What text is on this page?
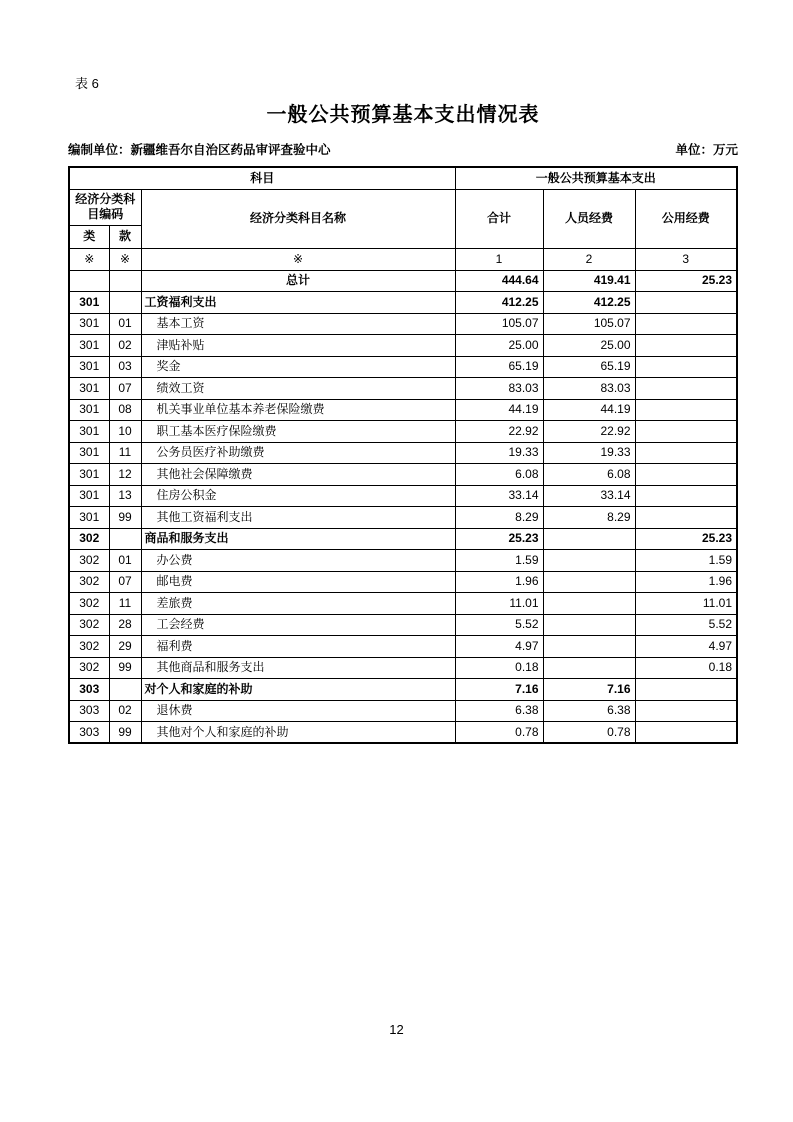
表 6
一般公共预算基本支出情况表
编制单位：新疆维吾尔自治区药品审评查验中心	单位：万元
科目			一般公共预算基本支出		
经济分类科目编码		经济分类科目名称	合计	人员经费	公用经费
类	款				
※	※	※	1	2	3
		总计	444.64	419.41	25.23
301		工资福利支出	412.25	412.25	
301	01	基本工资	105.07	105.07	
301	02	津贴补贴	25.00	25.00	
301	03	奖金	65.19	65.19	
301	07	绩效工资	83.03	83.03	
301	08	机关事业单位基本养老保险缴费	44.19	44.19	
301	10	职工基本医疗保险缴费	22.92	22.92	
301	11	公务员医疗补助缴费	19.33	19.33	
301	12	其他社会保障缴费	6.08	6.08	
301	13	住房公积金	33.14	33.14	
301	99	其他工资福利支出	8.29	8.29	
302		商品和服务支出	25.23		25.23
302	01	办公费	1.59		1.59
302	07	邮电费	1.96		1.96
302	11	差旅费	11.01		11.01
302	28	工会经费	5.52		5.52
302	29	福利费	4.97		4.97
302	99	其他商品和服务支出	0.18		0.18
303		对个人和家庭的补助	7.16	7.16	
303	02	退休费	6.38	6.38	
303	99	其他对个人和家庭的补助	0.78	0.78	
12
